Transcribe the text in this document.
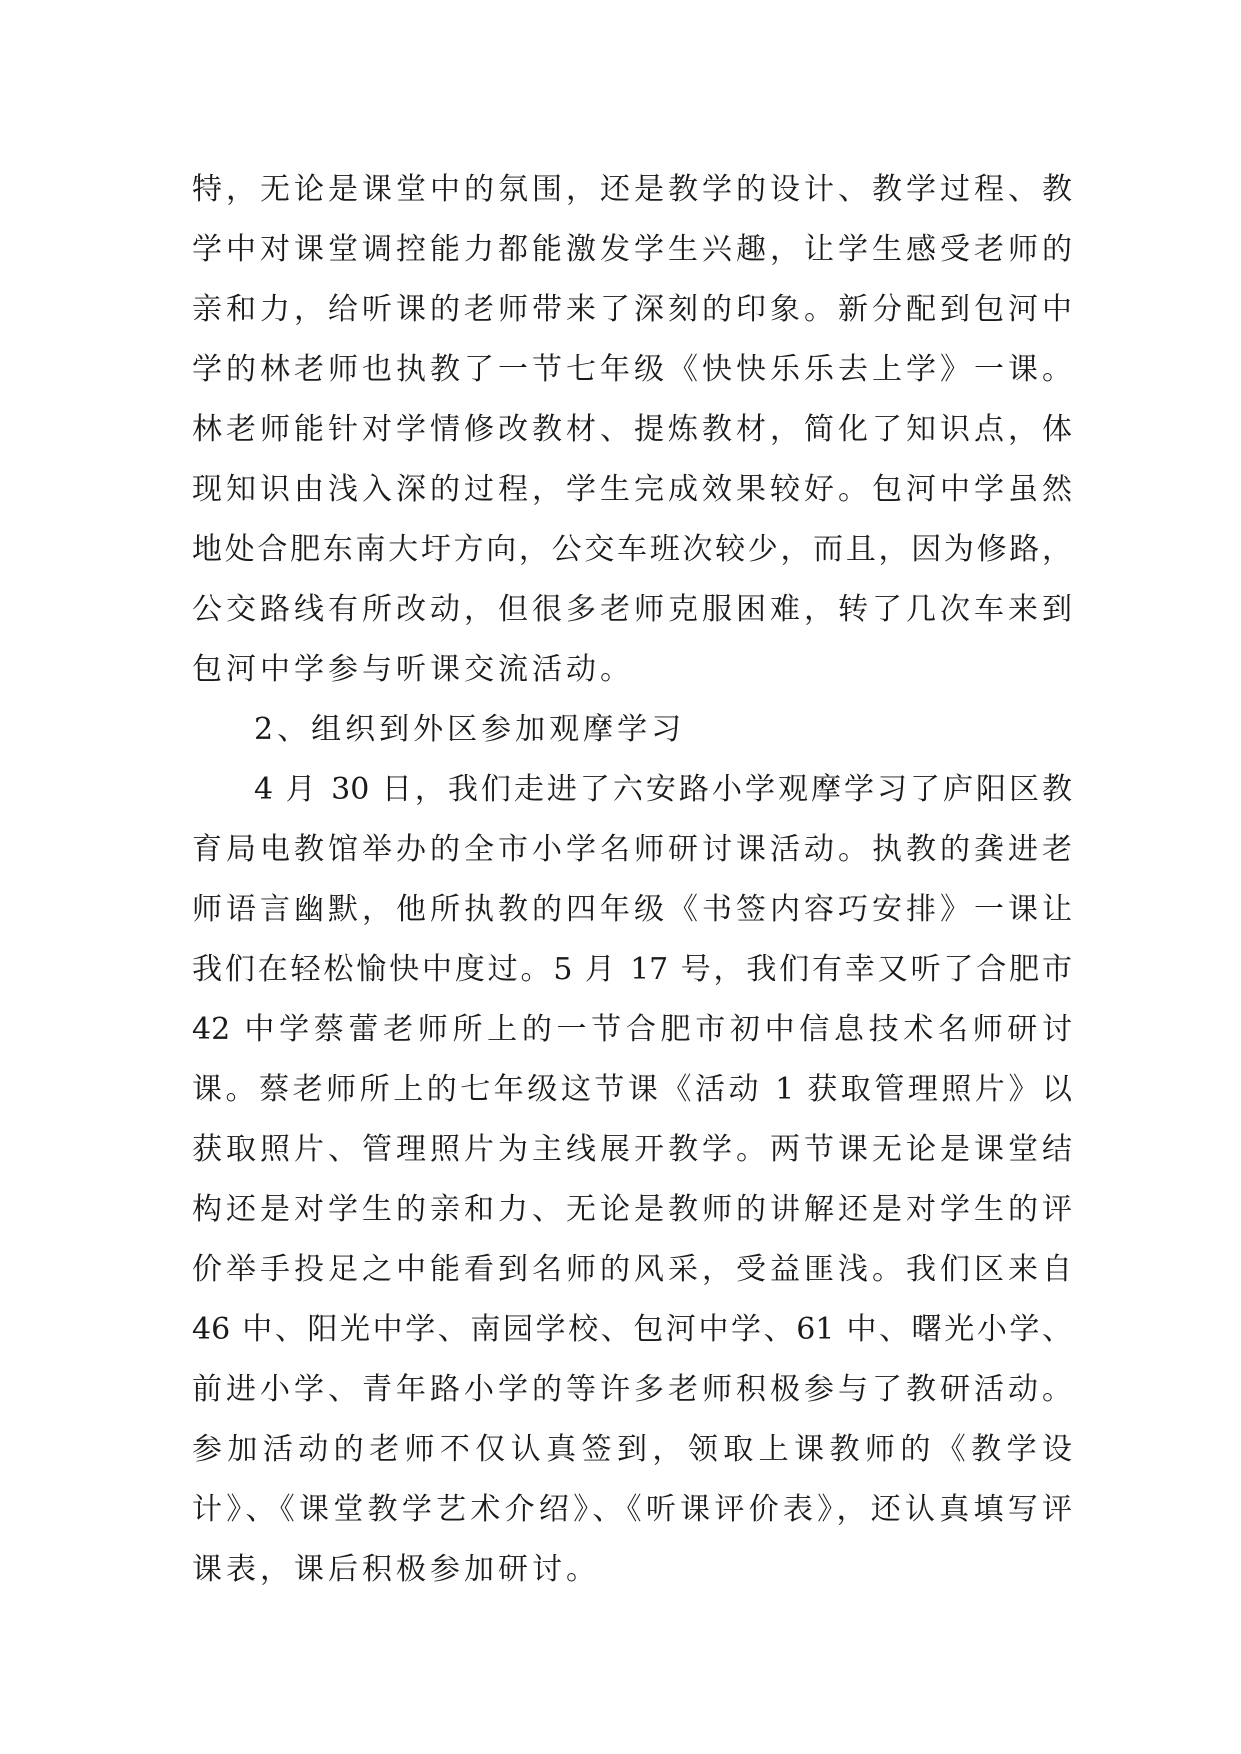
特，无论是课堂中的氛围，还是教学的设计、教学过程、教
学中对课堂调控能力都能激发学生兴趣，让学生感受老师的
亲和力，给听课的老师带来了深刻的印象。新分配到包河中
学的林老师也执教了一节七年级《快快乐乐去上学》一课。
林老师能针对学情修改教材、提炼教材，简化了知识点，体
现知识由浅入深的过程，学生完成效果较好。包河中学虽然
地处合肥东南大圩方向，公交车班次较少，而且，因为修路，
公交路线有所改动，但很多老师克服困难，转了几次车来到
包河中学参与听课交流活动。
2、组织到外区参加观摩学习
4 月 30 日，我们走进了六安路小学观摩学习了庐阳区教
育局电教馆举办的全市小学名师研讨课活动。执教的龚进老
师语言幽默，他所执教的四年级《书签内容巧安排》一课让
我们在轻松愉快中度过。5 月 17 号，我们有幸又听了合肥市
42 中学蔡蕾老师所上的一节合肥市初中信息技术名师研讨
课。蔡老师所上的七年级这节课《活动 1 获取管理照片》以
获取照片、管理照片为主线展开教学。两节课无论是课堂结
构还是对学生的亲和力、无论是教师的讲解还是对学生的评
价举手投足之中能看到名师的风采，受益匪浅。我们区来自
46 中、阳光中学、南园学校、包河中学、61 中、曙光小学、
前进小学、青年路小学的等许多老师积极参与了教研活动。
参加活动的老师不仅认真签到，领取上课教师的《教学设
计》、《课堂教学艺术介绍》、《听课评价表》，还认真填写评
课表，课后积极参加研讨。
